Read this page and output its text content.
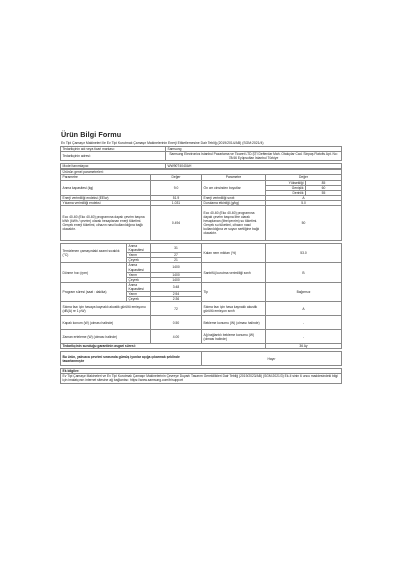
Ürün Bilgi Formu
Ev Tipi Çamaşır Makineleri İle Ev Tipi Kurutmalı Çamaşır Makinelerinin Enerji Etiketlemesine Dair Tebliğ (2019/2014/AB) (SGM:2021/4)
Tedarikçinin adı veya ticari markası:	Samsung
Tedarikçinin adresi:	Samsung Electronics İstanbul Pazarlama ve Ticaret LTD.ŞTİ Defterdar Mah. Otakçılar Cad. Sinpaş Flatofis Apt. No: 78/46 Eyüpsultan İstanbul Türkiye

Model tanımlayıcı:	WW90T4040AH
Ürünün genel parametreleri:					
Parametre		Değer	Parametre	Değer	
Anma kapasitesi (kg)		9.0	Ön cm cinsinden boyutlar	Yüksekliği	85
				Genişlik	60
				Derinlik	55
Enerji verimliliği endeksi (EEIw)		51.9	Enerji verimliliği sınıfı	A	
Yıkama verimliliği endeksi		1.031	Durulama etkinliği (g/kg)	5.0	
Eco 40-60 (Eko 40-60) programına dayalı çevrim başına kWh (kWh / çevrim) olarak hesaplanan enerji tüketimi. Gerçek enerji tüketimi, cihazın nasıl kullanıldığına bağlı olacaktır.		0.494	Eco 40-60 (Eko 40-60) programına dayalı çevrim başına litre olarak hesaplanan (litre/çevrim) su tüketimi. Gerçek su tüketimi, cihazın nasıl kullanıldığına ve suyun sertliğine bağlı olacaktır.	50	

Temizlenen çamaşırdaki azami sıcaklık (°C)	Anma Kapasitesi	31	Kalan nem miktarı (%)	53.0	
	Yarım	27			
	Çeyrek	21			
Dönme hızı (rpm)	Anma Kapasitesi	1400	Santrifüj kurutma verimliliği sınıfı	B	
	Yarım	1400			
	Çeyrek	1400			
Program süresi (saat : dakika)	Anma Kapasitesi	3:48	Tip	Bağımsız	
	Yarım	2:54			
	Çeyrek	2:36			
Sıkma fazı için havaya kaynaklı akustik gürültü emisyonu (dB(A) re 1 pW)		72	Sıkma fazı için hava kaynaklı akustik gürültü emisyon sınıfı	A	
Kapalı konum (W) (olması halinde)		0.50	Bekleme konumu (W) (olması halinde)	-	
Zaman erteleme (W) (olması halinde)		4.00	Ağ bağlantılı bekleme konumu (W) (olması halinde)	-	
Tedarikçinin sunduğu garantinin asgari süresi:				36 Ay	

Bu ürün, yalnızca çevrimi sırasında gümüş iyonlar açığa çıkarmak şeklinde tasarlanmıştır			Hayır		

Ek bilgiler:					
Ev Tipi Çamaşır Makineleri ve Ev Tipi Kurutmalı Çamaşır Makinelerinin Çevreye Duyarlı Tasarım Gereklilikleri Dair Tebliğ (2019/2023/AB) (SGM:2021/3) Ek-II sinin 6 uncu maddesindeki bilgi için imalatçının internet sitesine ağ bağlantısı: https://www.samsung.com/tr/support					
